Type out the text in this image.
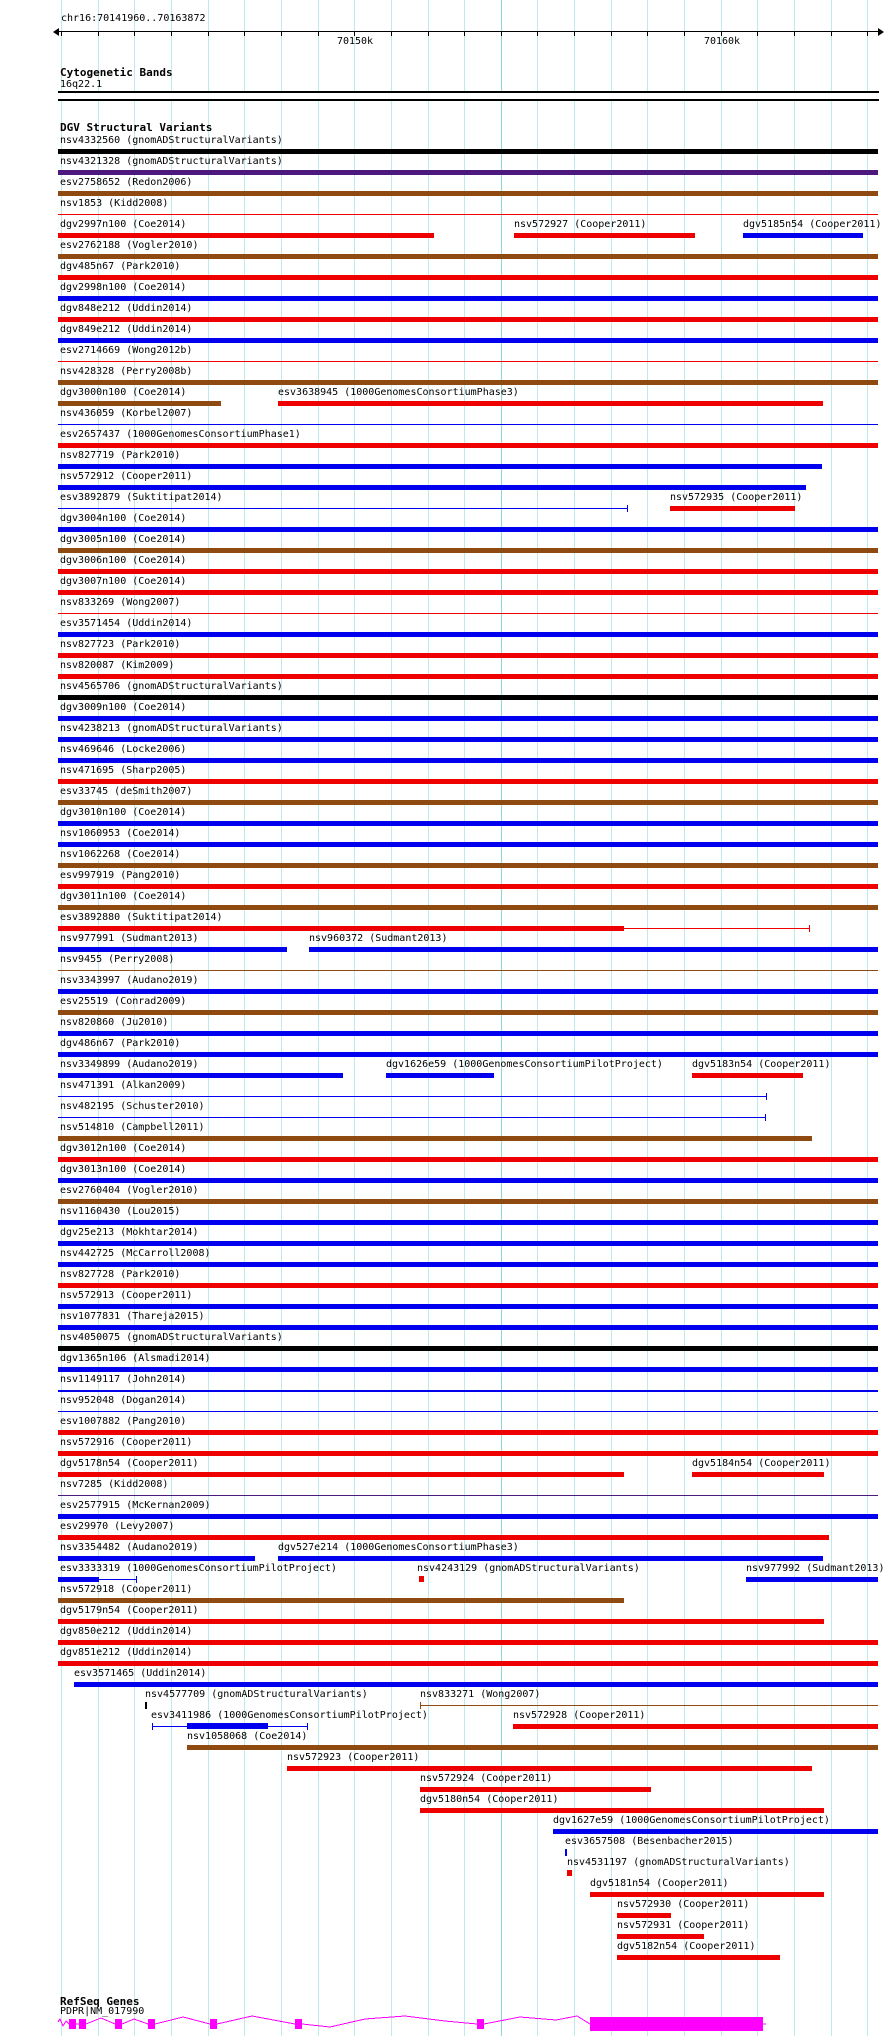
chr16:70141960..70163872
70150k	70160k
Cytogenetic Bands
16q22.1
DGV Structural Variants
nsv4332560 (gnomADStructuralVariants)
nsv4321328 (gnomADStructuralVariants)
esv2758652 (Redon2006)
nsv1853 (Kidd2008)
dgv2997n100 (Coe2014)	nsv572927 (Cooper2011)	dgv5185n54 (Cooper2011)
esv2762188 (Vogler2010)
dgv485n67 (Park2010)
dgv2998n100 (Coe2014)
dgv848e212 (Uddin2014)
dgv849e212 (Uddin2014)
esv2714669 (Wong2012b)
nsv428328 (Perry2008b)
dgv3000n100 (Coe2014)	esv3638945 (1000GenomesConsortiumPhase3)
nsv436059 (Korbel2007)
esv2657437 (1000GenomesConsortiumPhase1)
nsv827719 (Park2010)
nsv572912 (Cooper2011)
esv3892879 (Suktitipat2014)	nsv572935 (Cooper2011)
dgv3004n100 (Coe2014)
dgv3005n100 (Coe2014)
dgv3006n100 (Coe2014)
dgv3007n100 (Coe2014)
nsv833269 (Wong2007)
esv3571454 (Uddin2014)
nsv827723 (Park2010)
nsv820087 (Kim2009)
nsv4565706 (gnomADStructuralVariants)
dgv3009n100 (Coe2014)
nsv4238213 (gnomADStructuralVariants)
nsv469646 (Locke2006)
nsv471695 (Sharp2005)
esv33745 (deSmith2007)
dgv3010n100 (Coe2014)
nsv1060953 (Coe2014)
nsv1062268 (Coe2014)
esv997919 (Pang2010)
dgv3011n100 (Coe2014)
esv3892880 (Suktitipat2014)
nsv977991 (Sudmant2013)	nsv960372 (Sudmant2013)
nsv9455 (Perry2008)
nsv3343997 (Audano2019)
esv25519 (Conrad2009)
nsv820860 (Ju2010)
dgv486n67 (Park2010)
nsv3349899 (Audano2019)	dgv1626e59 (1000GenomesConsortiumPilotProject)	dgv5183n54 (Cooper2011)
nsv471391 (Alkan2009)
nsv482195 (Schuster2010)
nsv514810 (Campbell2011)
dgv3012n100 (Coe2014)
dgv3013n100 (Coe2014)
esv2760404 (Vogler2010)
nsv1160430 (Lou2015)
dgv25e213 (Mokhtar2014)
nsv442725 (McCarroll2008)
nsv827728 (Park2010)
nsv572913 (Cooper2011)
nsv1077831 (Thareja2015)
nsv4050075 (gnomADStructuralVariants)
dgv1365n106 (Alsmadi2014)
nsv1149117 (John2014)
nsv952048 (Dogan2014)
esv1007882 (Pang2010)
nsv572916 (Cooper2011)
dgv5178n54 (Cooper2011)	dgv5184n54 (Cooper2011)
nsv7285 (Kidd2008)
esv2577915 (McKernan2009)
esv29970 (Levy2007)
nsv3354482 (Audano2019)	dgv527e214 (1000GenomesConsortiumPhase3)
esv3333319 (1000GenomesConsortiumPilotProject)	nsv4243129 (gnomADStructuralVariants)	nsv977992 (Sudmant2013)
nsv572918 (Cooper2011)
dgv5179n54 (Cooper2011)
dgv850e212 (Uddin2014)
dgv851e212 (Uddin2014)
esv3571465 (Uddin2014)
nsv4577709 (gnomADStructuralVariants)	nsv833271 (Wong2007)
esv3411986 (1000GenomesConsortiumPilotProject)	nsv572928 (Cooper2011)
nsv1058068 (Coe2014)
nsv572923 (Cooper2011)
nsv572924 (Cooper2011)
dgv5180n54 (Cooper2011)
dgv1627e59 (1000GenomesConsortiumPilotProject)
esv3657508 (Besenbacher2015)
nsv4531197 (gnomADStructuralVariants)
dgv5181n54 (Cooper2011)
nsv572930 (Cooper2011)
nsv572931 (Cooper2011)
dgv5182n54 (Cooper2011)
RefSeq Genes
PDPR|NM_017990
